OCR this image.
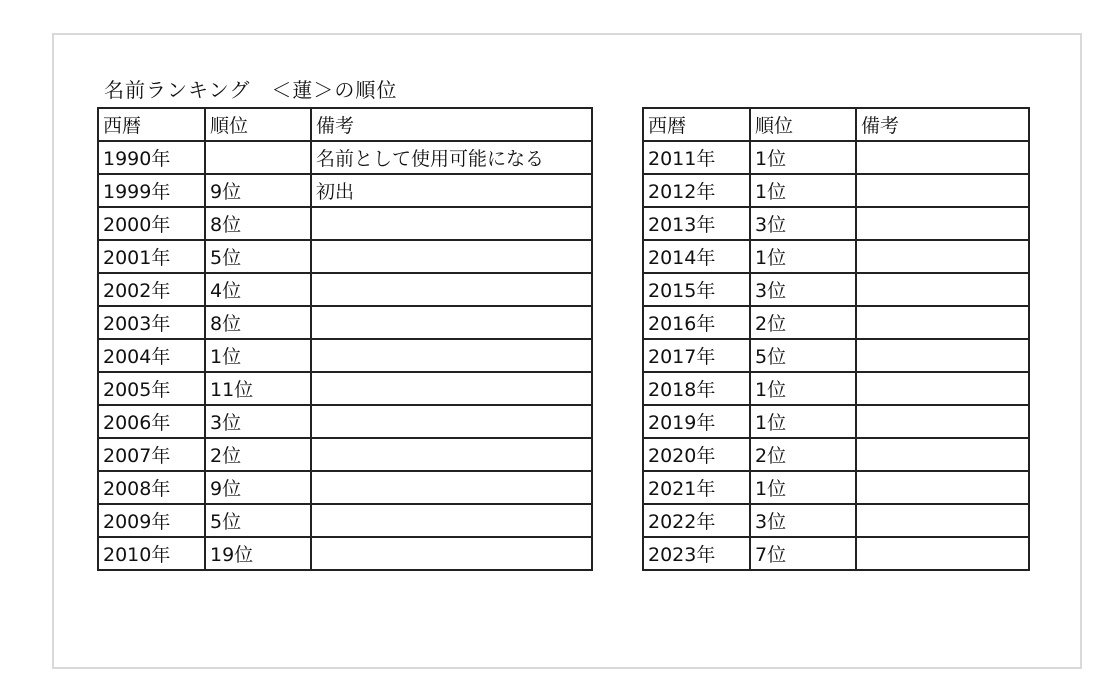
名前ランキング　＜蓮＞の順位
西暦	順位	備考
1990年		名前として使用可能になる
1999年	9位	初出
2000年	8位	
2001年	5位	
2002年	4位	
2003年	8位	
2004年	1位	
2005年	11位	
2006年	3位	
2007年	2位	
2008年	9位	
2009年	5位	
2010年	19位	
西暦	順位	備考
2011年	1位	
2012年	1位	
2013年	3位	
2014年	1位	
2015年	3位	
2016年	2位	
2017年	5位	
2018年	1位	
2019年	1位	
2020年	2位	
2021年	1位	
2022年	3位	
2023年	7位	
